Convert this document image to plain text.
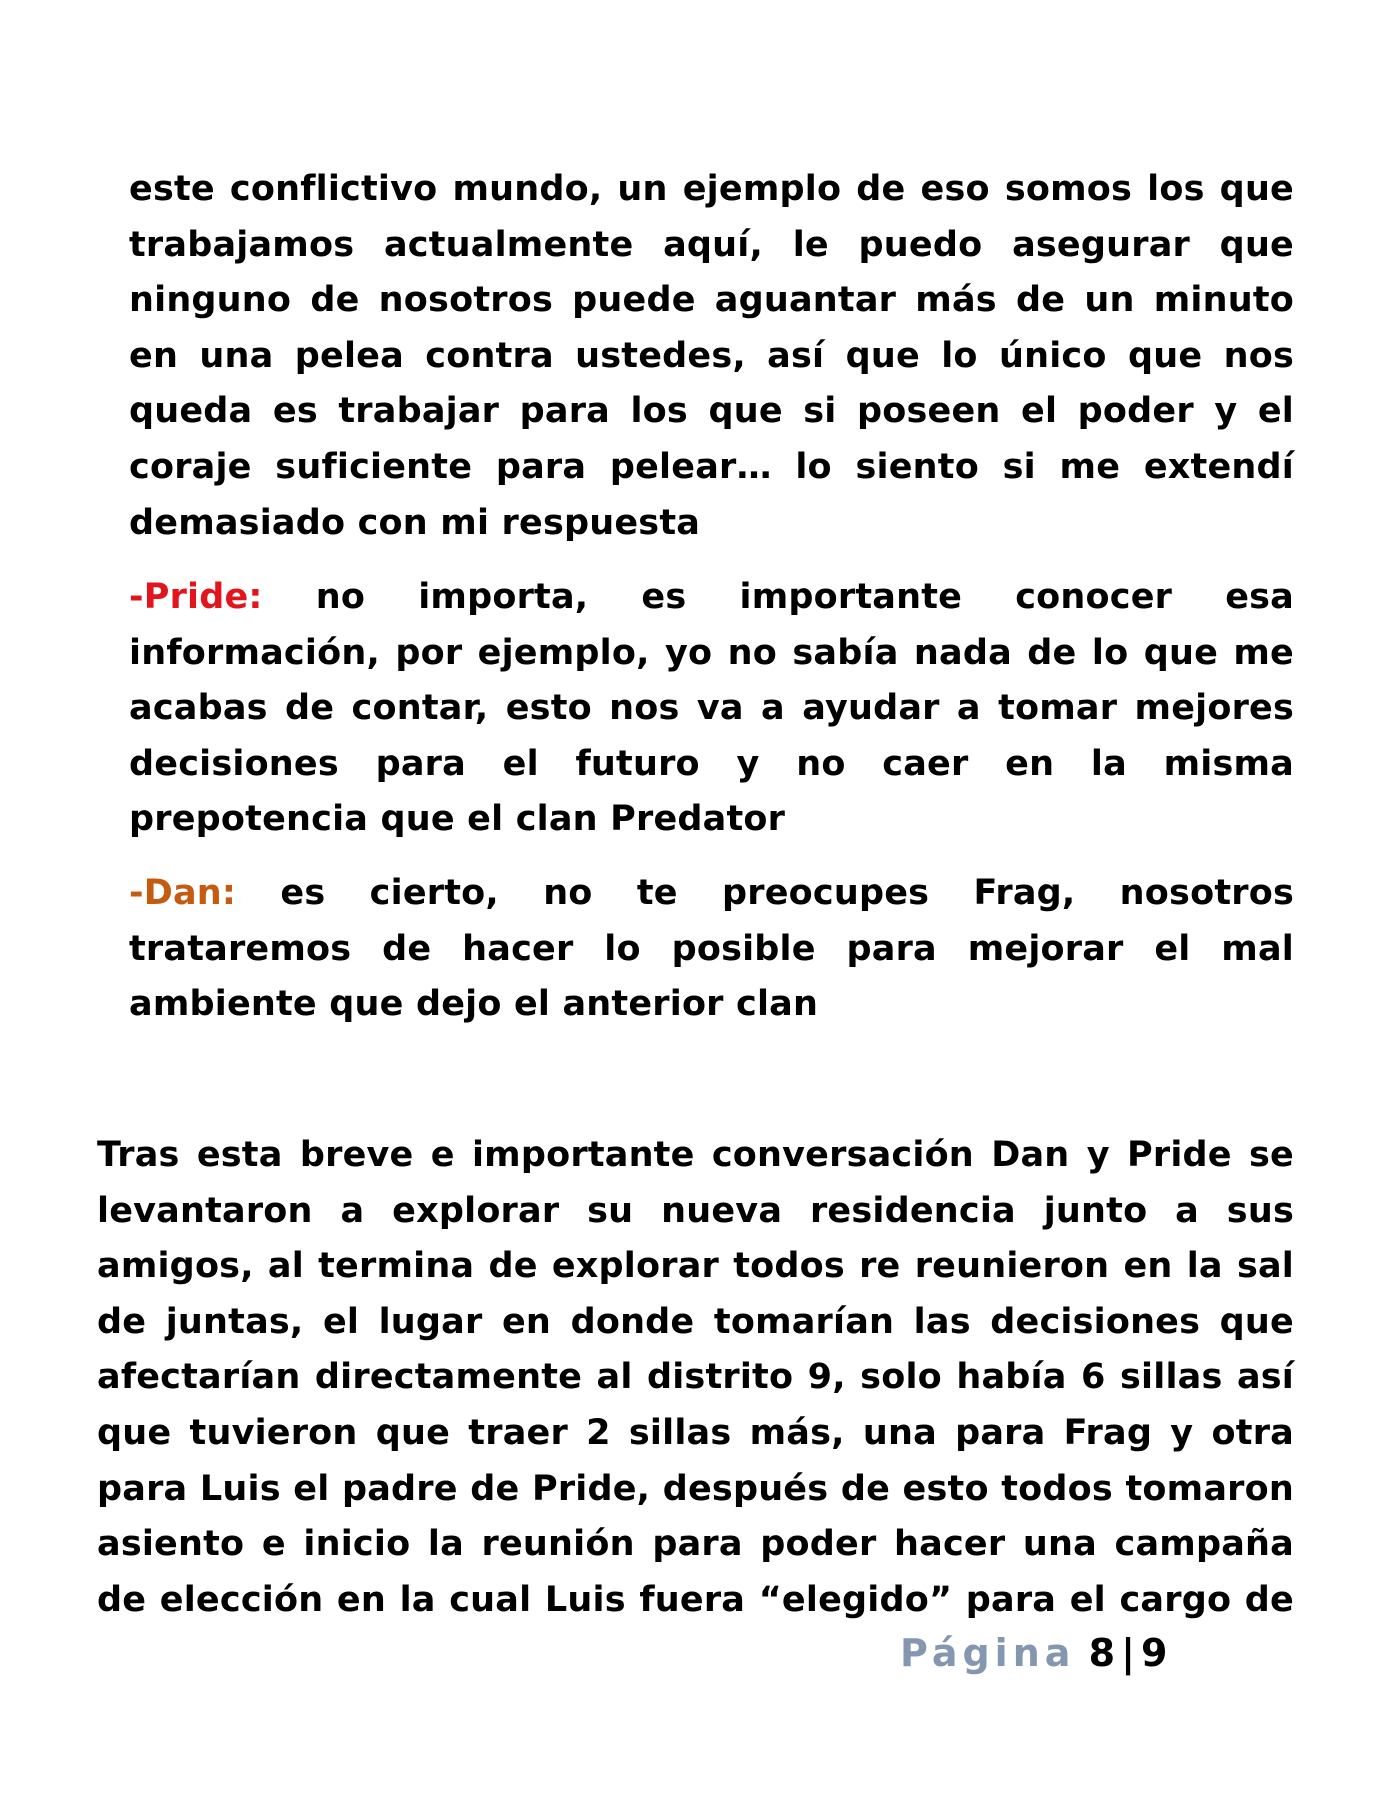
este conflictivo mundo, un ejemplo de eso somos los que trabajamos actualmente aquí, le puedo asegurar que ninguno de nosotros puede aguantar más de un minuto en una pelea contra ustedes, así que lo único que nos queda es trabajar para los que si poseen el poder y el coraje suficiente para pelear… lo siento si me extendí demasiado con mi respuesta

-Pride: no importa, es importante conocer esa información, por ejemplo, yo no sabía nada de lo que me acabas de contar, esto nos va a ayudar a tomar mejores decisiones para el futuro y no caer en la misma prepotencia que el clan Predator

-Dan: es cierto, no te preocupes Frag, nosotros trataremos de hacer lo posible para mejorar el mal ambiente que dejo el anterior clan

Tras esta breve e importante conversación Dan y Pride se levantaron a explorar su nueva residencia junto a sus amigos, al termina de explorar todos re reunieron en la sal de juntas, el lugar en donde tomarían las decisiones que afectarían directamente al distrito 9, solo había 6 sillas así que tuvieron que traer 2 sillas más, una para Frag y otra para Luis el padre de Pride, después de esto todos tomaron asiento e inicio la reunión para poder hacer una campaña de elección en la cual Luis fuera “elegido” para el cargo de

Página 8 | 9
